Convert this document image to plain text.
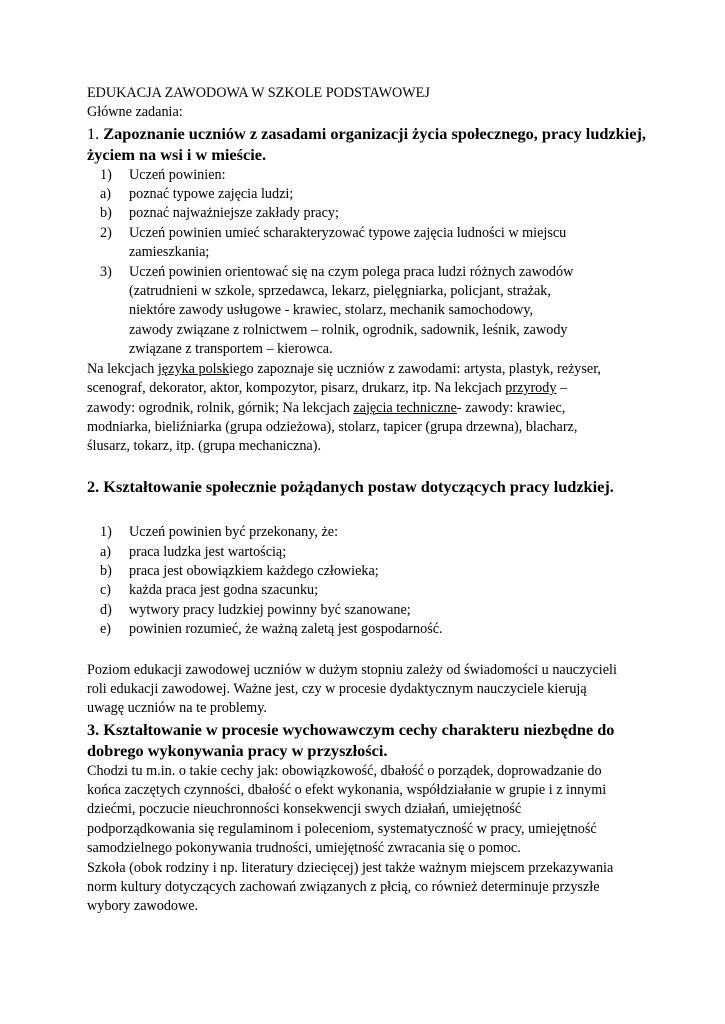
EDUKACJA ZAWODOWA W SZKOLE PODSTAWOWEJ
Główne zadania:
1. Zapoznanie uczniów z zasadami organizacji życia społecznego, pracy ludzkiej,
życiem na wsi i w mieście.
1) Uczeń powinien:
a) poznać typowe zajęcia ludzi;
b) poznać najważniejsze zakłady pracy;
2) Uczeń powinien umieć scharakteryzować typowe zajęcia ludności w miejscu
zamieszkania;
3) Uczeń powinien orientować się na czym polega praca ludzi różnych zawodów
(zatrudnieni w szkole, sprzedawca, lekarz, pielęgniarka, policjant, strażak,
niektóre zawody usługowe - krawiec, stolarz, mechanik samochodowy,
zawody związane z rolnictwem – rolnik, ogrodnik, sadownik, leśnik, zawody
związane z transportem – kierowca.
Na lekcjach języka polskiego zapoznaje się uczniów z zawodami: artysta, plastyk, reżyser,
scenograf, dekorator, aktor, kompozytor, pisarz, drukarz, itp. Na lekcjach przyrody –
zawody: ogrodnik, rolnik, górnik; Na lekcjach zajęcia techniczne- zawody: krawiec,
modniarka, bieliźniarka (grupa odzieżowa), stolarz, tapicer (grupa drzewna), blacharz,
ślusarz, tokarz, itp. (grupa mechaniczna).
2. Kształtowanie społecznie pożądanych postaw dotyczących pracy ludzkiej.
1) Uczeń powinien być przekonany, że:
a) praca ludzka jest wartością;
b) praca jest obowiązkiem każdego człowieka;
c) każda praca jest godna szacunku;
d) wytwory pracy ludzkiej powinny być szanowane;
e) powinien rozumieć, że ważną zaletą jest gospodarność.
Poziom edukacji zawodowej uczniów w dużym stopniu zależy od świadomości u nauczycieli
roli edukacji zawodowej. Ważne jest, czy w procesie dydaktycznym nauczyciele kierują
uwagę uczniów na te problemy.
3. Kształtowanie w procesie wychowawczym cechy charakteru niezbędne do
dobrego wykonywania pracy w przyszłości.
Chodzi tu m.in. o takie cechy jak: obowiązkowość, dbałość o porządek, doprowadzanie do
końca zaczętych czynności, dbałość o efekt wykonania, współdziałanie w grupie i z innymi
dziećmi, poczucie nieuchronności konsekwencji swych działań, umiejętność
podporządkowania się regulaminom i poleceniom, systematyczność w pracy, umiejętność
samodzielnego pokonywania trudności, umiejętność zwracania się o pomoc.
Szkoła (obok rodziny i np. literatury dziecięcej) jest także ważnym miejscem przekazywania
norm kultury dotyczących zachowań związanych z płcią, co również determinuje przyszłe
wybory zawodowe.
